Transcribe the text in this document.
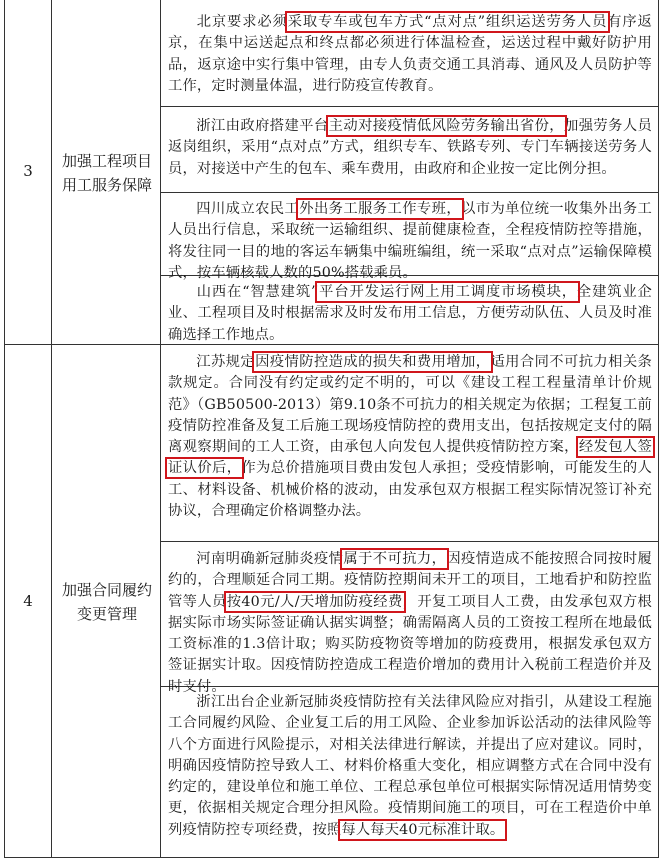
3
加强工程项目
用工服务保障

北京要求必须采取专车或包车方式“点对点”组织运送劳务人员有序返京，在集中运送起点和终点都必须进行体温检查，运送过程中戴好防护用品，返京途中实行集中管理，由专人负责交通工具消毒、通风及人员防护等工作，定时测量体温，进行防疫宣传教育。

浙江由政府搭建平台主动对接疫情低风险劳务输出省份，加强劳务人员返岗组织，采用“点对点”方式，组织专车、铁路专列、专门车辆接送劳务人员，对接送中产生的包车、乘车费用，由政府和企业按一定比例分担。

四川成立农民工外出务工服务工作专班，以市为单位统一收集外出务工人员出行信息，采取统一运输组织、提前健康检查，全程疫情防控等措施，将发往同一目的地的客运车辆集中编班编组，统一采取“点对点”运输保障模式，按车辆核载人数的50%搭载乘员。

山西在“智慧建筑”平台开发运行网上用工调度市场模块，全建筑业企业、工程项目及时根据需求及时发布用工信息，方便劳动队伍、人员及时准确选择工作地点。

4
加强合同履约
变更管理

江苏规定因疫情防控造成的损失和费用增加，适用合同不可抗力相关条款规定。合同没有约定或约定不明的，可以《建设工程工程量清单计价规范》（GB50500-2013）第9.10条不可抗力的相关规定为依据；工程复工前疫情防控准备及复工后施工现场疫情防控的费用支出，包括按规定支付的隔离观察期间的工人工资，由承包人向发包人提供疫情防控方案，经发包人签证认价后，作为总价措施项目费由发包人承担；受疫情影响，可能发生的人工、材料设备、机械价格的波动，由发承包双方根据工程实际情况签订补充协议，合理确定价格调整办法。

河南明确新冠肺炎疫情属于不可抗力，因疫情造成不能按照合同按时履约的，合理顺延合同工期。疫情防控期间未开工的项目，工地看护和防控监管等人员按40元/人/天增加防疫经费，开复工项目人工费，由发承包双方根据实际市场实际签证确认据实调整；确需隔离人员的工资按工程所在地最低工资标准的1.3倍计取；购买防疫物资等增加的防疫费用，根据发承包双方签证据实计取。因疫情防控造成工程造价增加的费用计入税前工程造价并及时支付。

浙江出台企业新冠肺炎疫情防控有关法律风险应对指引，从建设工程施工合同履约风险、企业复工后的用工风险、企业参加诉讼活动的法律风险等八个方面进行风险提示，对相关法律进行解读，并提出了应对建议。同时，明确因疫情防控导致人工、材料价格重大变化，相应调整方式在合同中没有约定的，建设单位和施工单位、工程总承包单位可根据实际情况适用情势变更，依据相关规定合理分担风险。疫情期间施工的项目，可在工程造价中单列疫情防控专项经费，按照每人每天40元标准计取。
